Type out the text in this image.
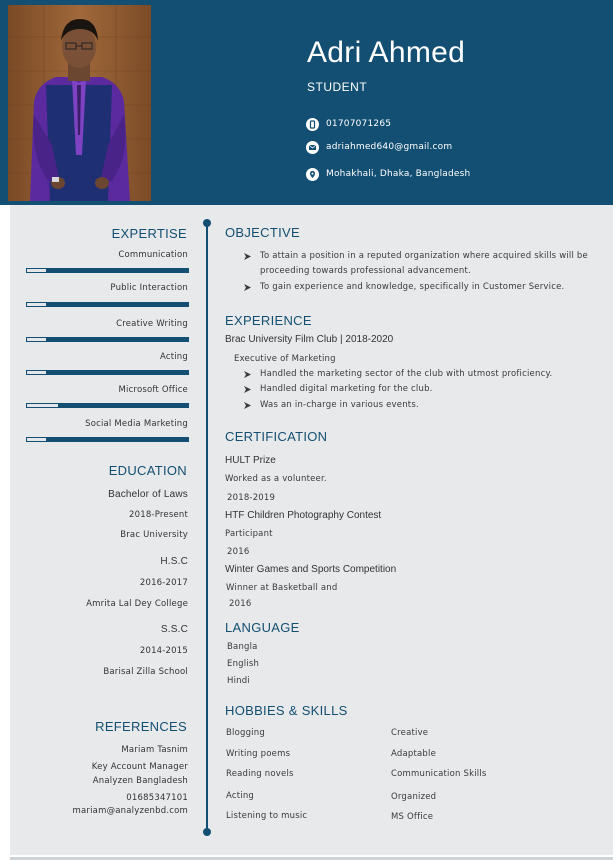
Adri Ahmed
STUDENT
01707071265
adriahmed640@gmail.com
Mohakhali, Dhaka, Bangladesh
EXPERTISE
Communication
Public Interaction
Creative Writing
Acting
Microsoft Office
Social Media Marketing
EDUCATION
Bachelor of Laws
2018-Present
Brac University
H.S.C
2016-2017
Amrita Lal Dey College
S.S.C
2014-2015
Barisal Zilla School
REFERENCES
Mariam Tasnim
Key Account Manager
Analyzen Bangladesh
01685347101
mariam@analyzenbd.com
OBJECTIVE
To attain a position in a reputed organization where acquired skills will be
proceeding towards professional advancement.
To gain experience and knowledge, specifically in Customer Service.
EXPERIENCE
Brac University Film Club | 2018-2020
Executive of Marketing
Handled the marketing sector of the club with utmost proficiency.
Handled digital marketing for the club.
Was an in-charge in various events.
CERTIFICATION
HULT Prize
Worked as a volunteer.
2018-2019
HTF Children Photography Contest
Participant
2016
Winter Games and Sports Competition
Winner at Basketball and
2016
LANGUAGE
Bangla
English
Hindi
HOBBIES & SKILLS
Blogging
Writing poems
Reading novels
Acting
Listening to music
Creative
Adaptable
Communication Skills
Organized
MS Office
